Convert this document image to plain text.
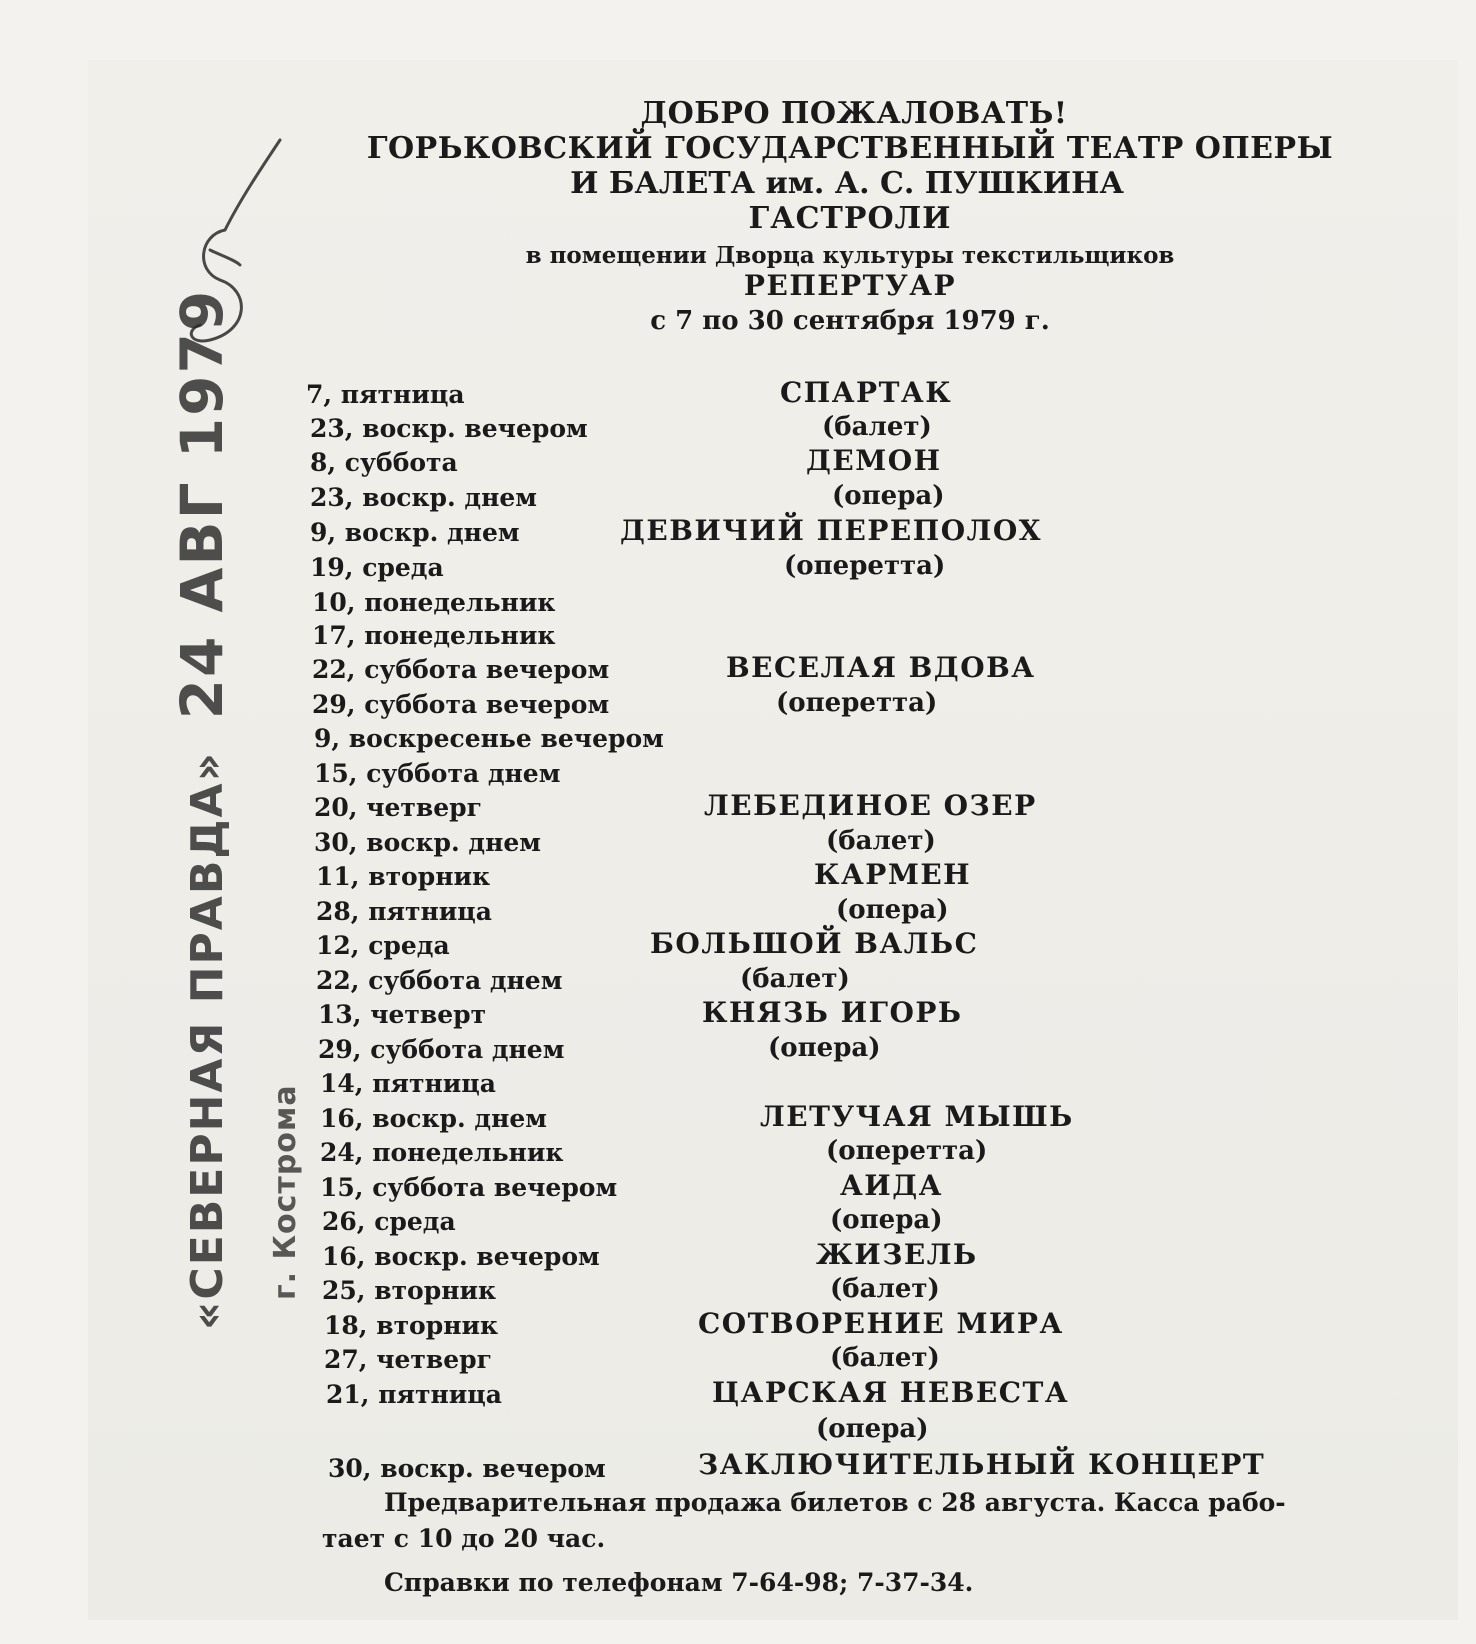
«СЕВЕРНАЯ ПРАВДА» 24 АВГ 1979
г. Кострома
ДОБРО ПОЖАЛОВАТЬ!
ГОРЬКОВСКИЙ ГОСУДАРСТВЕННЫЙ ТЕАТР ОПЕРЫ
И БАЛЕТА им. А. С. ПУШКИНА
ГАСТРОЛИ
в помещении Дворца культуры текстильщиков
РЕПЕРТУАР
с 7 по 30 сентября 1979 г.
7, пятница
23, воскр. вечером
8, суббота
23, воскр. днем
9, воскр. днем
19, среда
10, понедельник
17, понедельник
22, суббота вечером
29, суббота вечером
9, воскресенье вечером
15, суббота днем
20, четверг
30, воскр. днем
11, вторник
28, пятница
12, среда
22, суббота днем
13, четверт
29, суббота днем
14, пятница
16, воскр. днем
24, понедельник
15, суббота вечером
26, среда
16, воскр. вечером
25, вторник
18, вторник
27, четверг
21, пятница
30, воскр. вечером
СПАРТАК
(балет)
ДЕМОН
(опера)
ДЕВИЧИЙ ПЕРЕПОЛОХ
(оперетта)
ВЕСЕЛАЯ ВДОВА
(оперетта)
ЛЕБЕДИНОЕ ОЗЕР
(балет)
КАРМЕН
(опера)
БОЛЬШОЙ ВАЛЬС
(балет)
КНЯЗЬ ИГОРЬ
(опера)
ЛЕТУЧАЯ МЫШЬ
(оперетта)
АИДА
(опера)
ЖИЗЕЛЬ
(балет)
СОТВОРЕНИЕ МИРА
(балет)
ЦАРСКАЯ НЕВЕСТА
(опера)
ЗАКЛЮЧИТЕЛЬНЫЙ КОНЦЕРТ
Предварительная продажа билетов с 28 августа. Касса рабо-
тает с 10 до 20 час.
Справки по телефонам 7-64-98; 7-37-34.
